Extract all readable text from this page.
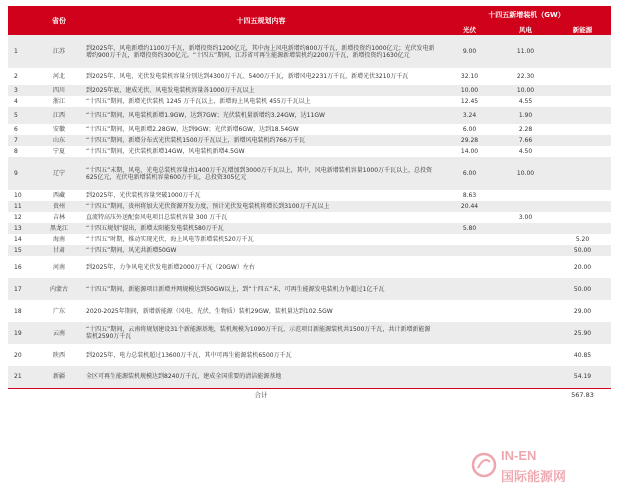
	省份	十四五规划内容	十四五新增装机（GW）		
			光伏	风电	新能源
1	江苏	到2025年，风电新增约1100万千瓦，新增投资约1200亿元，其中海上风电新增约800万千瓦，新增投资约1000亿元；光伏发电新增约900万千瓦，新增投资约300亿元。“十四五”期间，江苏省可再生能源新增装机约2200万千瓦，新增投资约1630亿元	9.00	11.00	
2	河北	到2025年，风电、光伏发电装机容量分别达到4300万千瓦、5400万千瓦，新增风电2231万千瓦，新增光伏3210万千瓦	32.10	22.30	
3	四川	到2025年底，建成光伏、风电发电装机容量各1000万千瓦以上	10.00	10.00	
4	浙江	“十四五”期间，新增光伏装机 1245 万千瓦以上，新增海上风电装机 455万千瓦以上	12.45	4.55	
5	江西	“十四五”期间，风电装机新增1.9GW，达到7GW；光伏装机量新增约3.24GW，达11GW	3.24	1.90	
6	安徽	“十四五”期间，风电新增2.28GW，达到9GW；光伏新增6GW，达到18.54GW	6.00	2.28	
7	山东	“十四五”期间，新增分布式光伏装机1500万千瓦以上，新增风电装机约766万千瓦	29.28	7.66	
8	宁夏	“十四五”期间，光伏装机新增14GW，风电装机新增4.5GW	14.00	4.50	
9	辽宁	“十四五”末期，风电、光电总装机容量由1400万千瓦增加到3000万千瓦以上，其中，风电新增装机容量1000万千瓦以上，总投资625亿元，光伏电新增装机容量600万千瓦，总投资305亿元	6.00	10.00	
10	西藏	到2025年，光伏装机容量突破1000万千瓦	8.63		
11	贵州	“十四五”期间，贵州将加大光伏资源开发力度，预计光伏发电装机将增长到3100万千瓦以上	20.44		
12	吉林	直流特高压外送配套风电项目总装机容量 300 万千瓦		3.00	
13	黑龙江	“十四五规划”提出，新增太阳能发电装机580万千瓦	5.80		
14	海南	“十四五”时期，推动实现光伏、海上风电等新增装机520万千瓦			5.20
15	甘肃	“十四五”期间，风光共新增50GW			50.00
16	河南	到2025年，力争风电光伏发电新增2000万千瓦（20GW）左右			20.00
17	内蒙古	“十四五”期间，新能源项目新增并网规模达到50GW以上，到“十四五”末，可再生能源发电装机力争超过1亿千瓦			50.00
18	广东	2020-2025年期间，新增新能源（风电、光伏、生物质）装机29GW，装机量达到102.5GW			29.00
19	云南	“十四五”期间，云南将规划建设31个新能源基地，装机规模为1090万千瓦，示范项目新能源装机共1500万千瓦，共计新增新能源装机2590万千瓦			25.90
20	陕西	到2025年，电力总装机超过13600万千瓦，其中可再生能源装机6500万千瓦			40.85
21	新疆	全区可再生能源装机规模达到8240万千瓦，建成全国重要的清洁能源基地			54.19
		合计			567.83
IN-EN
国际能源网
